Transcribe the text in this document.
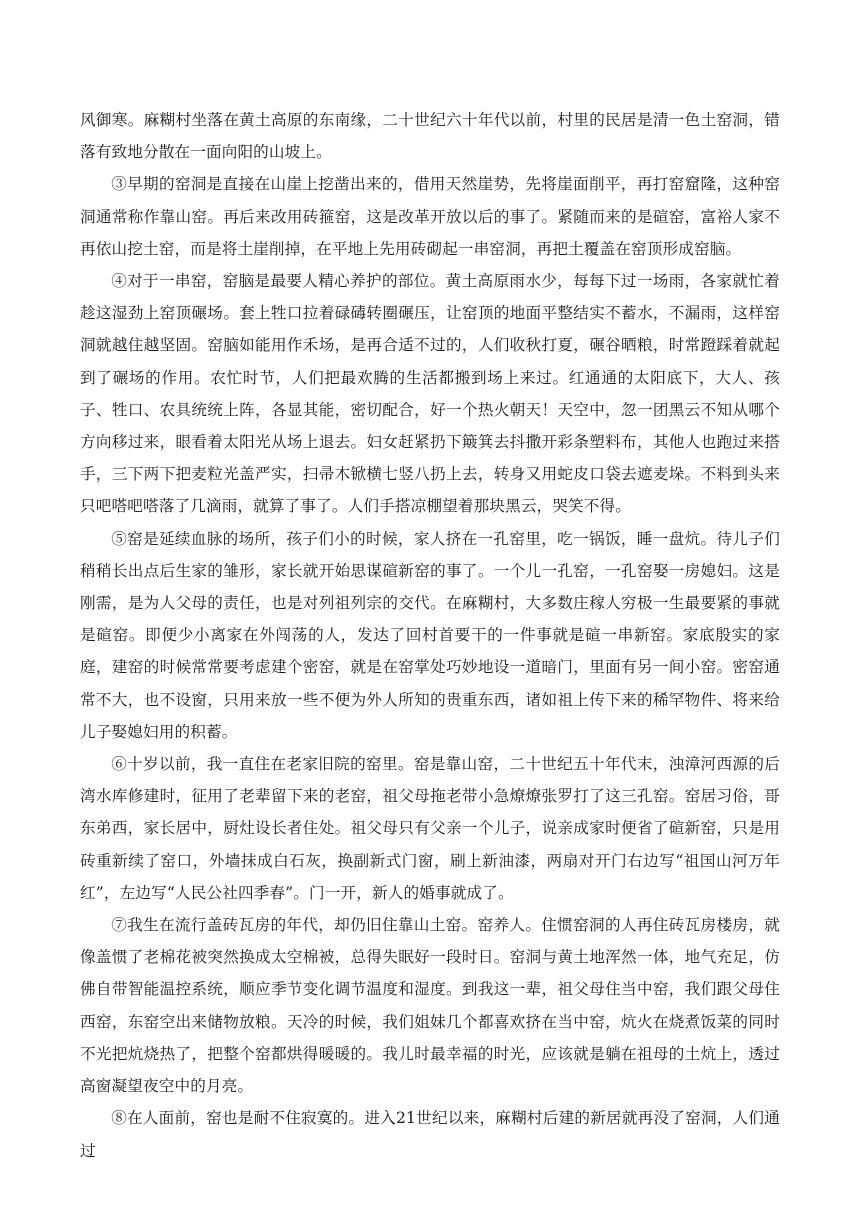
风御寒。麻糊村坐落在黄土高原的东南缘，二十世纪六十年代以前，村里的民居是清一色土窑洞，错落有致地分散在一面向阳的山坡上。

③早期的窑洞是直接在山崖上挖凿出来的，借用天然崖势，先将崖面削平，再打窑窟隆，这种窑洞通常称作靠山窑。再后来改用砖箍窑，这是改革开放以后的事了。紧随而来的是碹窑，富裕人家不再依山挖土窑，而是将土崖削掉，在平地上先用砖砌起一串窑洞，再把土覆盖在窑顶形成窑脑。

④对于一串窑，窑脑是最要人精心养护的部位。黄土高原雨水少，每每下过一场雨，各家就忙着趁这湿劲上窑顶碾场。套上牲口拉着碌碡转圈碾压，让窑顶的地面平整结实不蓄水，不漏雨，这样窑洞就越住越坚固。窑脑如能用作禾场，是再合适不过的，人们收秋打夏，碾谷晒粮，时常蹬踩着就起到了碾场的作用。农忙时节，人们把最欢腾的生活都搬到场上来过。红通通的太阳底下，大人、孩子、牲口、农具统统上阵，各显其能，密切配合，好一个热火朝天！天空中，忽一团黑云不知从哪个方向移过来，眼看着太阳光从场上退去。妇女赶紧扔下簸箕去抖撒开彩条塑料布，其他人也跑过来搭手，三下两下把麦粒光盖严实，扫帚木锨横七竖八扔上去，转身又用蛇皮口袋去遮麦垛。不料到头来只吧嗒吧嗒落了几滴雨，就算了事了。人们手搭凉棚望着那块黑云，哭笑不得。

⑤窑是延续血脉的场所，孩子们小的时候，家人挤在一孔窑里，吃一锅饭，睡一盘炕。待儿子们稍稍长出点后生家的雏形，家长就开始思谋碹新窑的事了。一个儿一孔窑，一孔窑娶一房媳妇。这是刚需，是为人父母的责任，也是对列祖列宗的交代。在麻糊村，大多数庄稼人穷极一生最要紧的事就是碹窑。即便少小离家在外闯荡的人，发达了回村首要干的一件事就是碹一串新窑。家底殷实的家庭，建窑的时候常常要考虑建个密窑，就是在窑掌处巧妙地设一道暗门，里面有另一间小窑。密窑通常不大，也不设窗，只用来放一些不便为外人所知的贵重东西，诸如祖上传下来的稀罕物件、将来给儿子娶媳妇用的积蓄。

⑥十岁以前，我一直住在老家旧院的窑里。窑是靠山窑，二十世纪五十年代末，浊漳河西源的后湾水库修建时，征用了老辈留下来的老窑，祖父母拖老带小急燎燎张罗打了这三孔窑。窑居习俗，哥东弟西，家长居中，厨灶设长者住处。祖父母只有父亲一个儿子，说亲成家时便省了碹新窑，只是用砖重新续了窑口，外墙抹成白石灰，换副新式门窗，刷上新油漆，两扇对开门右边写“祖国山河万年红”，左边写“人民公社四季春”。门一开，新人的婚事就成了。

⑦我生在流行盖砖瓦房的年代，却仍旧住靠山土窑。窑养人。住惯窑洞的人再住砖瓦房楼房，就像盖惯了老棉花被突然换成太空棉被，总得失眠好一段时日。窑洞与黄土地浑然一体，地气充足，仿佛自带智能温控系统，顺应季节变化调节温度和湿度。到我这一辈，祖父母住当中窑，我们跟父母住西窑，东窑空出来储物放粮。天冷的时候，我们姐妹几个都喜欢挤在当中窑，炕火在烧煮饭菜的同时不光把炕烧热了，把整个窑都烘得暖暖的。我儿时最幸福的时光，应该就是躺在祖母的土炕上，透过高窗凝望夜空中的月亮。

⑧在人面前，窑也是耐不住寂寞的。进入21世纪以来，麻糊村后建的新居就再没了窑洞，人们通过
